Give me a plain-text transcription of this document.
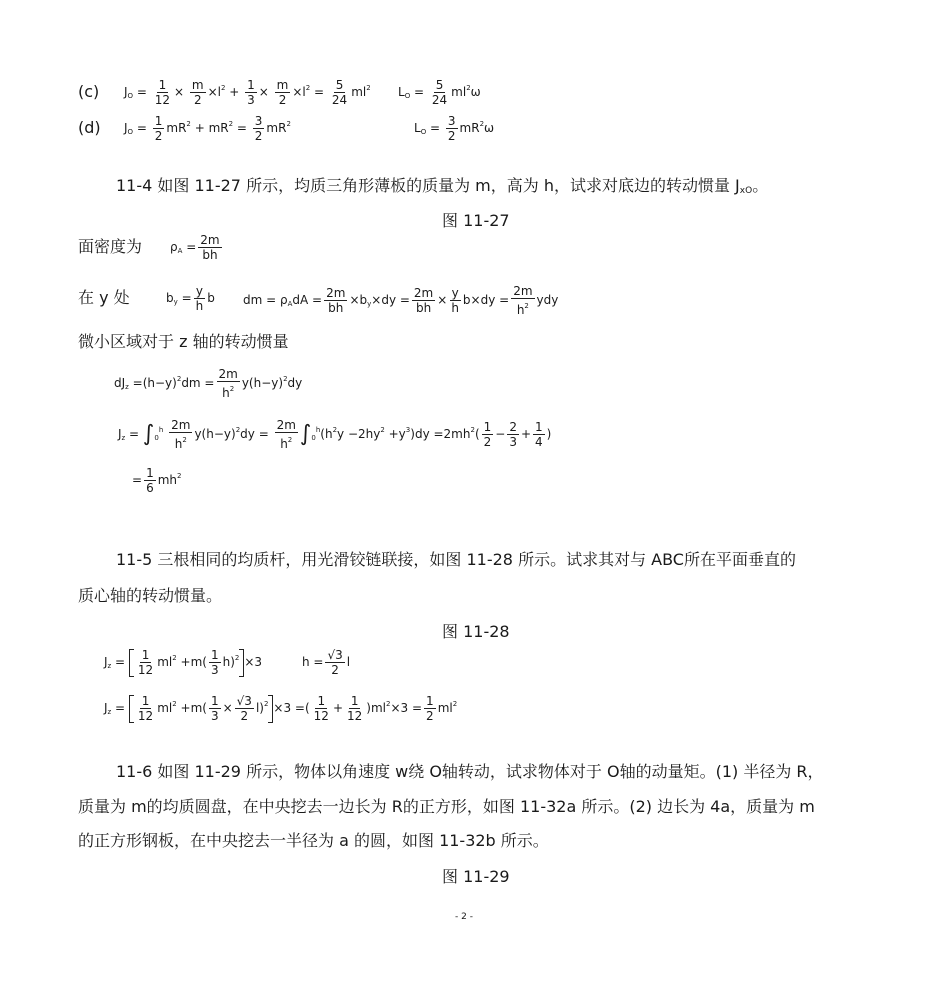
(c) $J_O = \frac{1}{12} \times \frac{m}{2} \times l^2 + \frac{1}{3} \times \frac{m}{2} \times l^2 = \frac{5}{24} ml^2$ $L_O = \frac{5}{24} ml^2\omega$
(d) $J_O = \frac{1}{2} mR^2 + mR^2 = \frac{3}{2} mR^2$	$L_O = \frac{3}{2} mR^2\omega$
11-4 如图 11-27 所示，均质三角形薄板的质量为 m，高为 h，试求对底边的转动惯量 $J_{xO}$。
图 11-27
面密度为 $\rho_A = \frac{2m}{bh}$
在 y 处	$b_y = \frac{y}{h}$ b dm = $\rho_AdA = \frac{2m}{bh} \times b_y\times dy = \frac{2m}{bh} \times \frac{y}{h} b\times dy = \frac{2m}{h^2}$ ydy
微小区域对于 z 轴的转动惯量
$dJ_z =(h-y)^2dm = \frac{2m}{h^2} y(h-y)^2dy$
$J_z = \int_0^h \frac{2m}{h^2} y(h-y)^2dy = \frac{2m}{h^2} \int_0^h(h^2y -2hy^2 +y^3)dy =2mh^2( \frac{1}{2} - \frac{2}{3} + \frac{1}{4}$ )
= $\frac{1}{6} mh^2$
11-5 三根相同的均质杆，用光滑铰链联接，如图 11-28 所示。试求其对与 ABC所在平面垂直的
质心轴的转动惯量。
图 11-28
$J_z = \frac{1}{12} ml^2 +m( \frac{1}{3} h)^2 \times 3$	$h = \frac{√3}{2}$ l
$J_z = \frac{1}{12} ml^2 +m( \frac{1}{3} \times \frac{√3}{2} l)^2 \times 3$ =( $\frac{1}{12} + \frac{1}{12} )ml^2\times 3 = \frac{1}{2} ml^2$
11-6 如图 11-29 所示，物体以角速度 w绕 O轴转动，试求物体对于 O轴的动量矩。(1) 半径为 R，
质量为 m的均质圆盘，在中央挖去一边长为 R的正方形，如图 11-32a 所示。(2) 边长为 4a，质量为 m
的正方形钢板，在中央挖去一半径为 a 的圆，如图 11-32b 所示。
图 11-29
- 2 -
